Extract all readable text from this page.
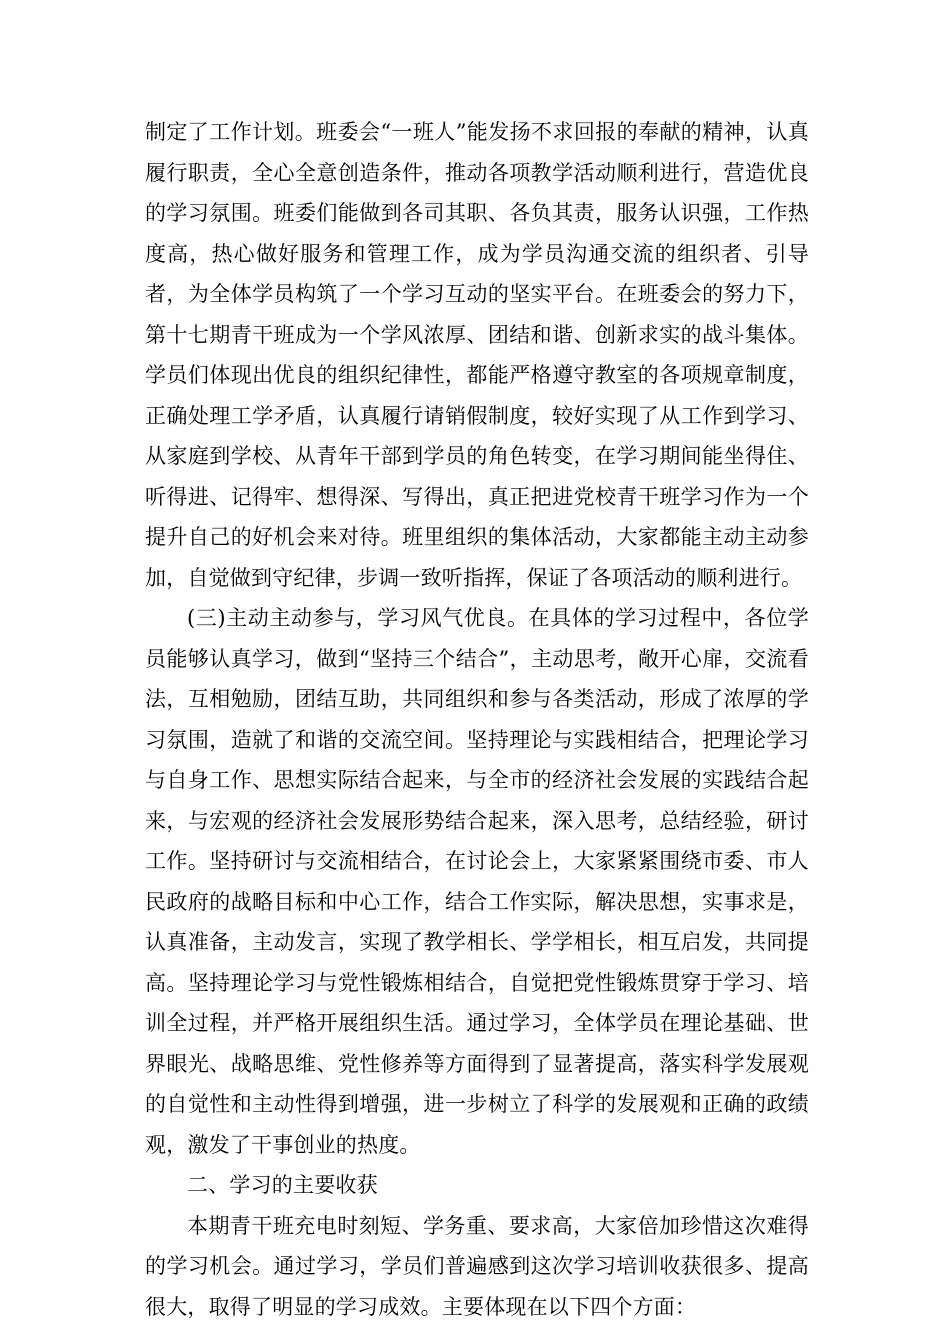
制定了工作计划。班委会“一班人”能发扬不求回报的奉献的精神，认真履行职责，全心全意创造条件，推动各项教学活动顺利进行，营造优良的学习氛围。班委们能做到各司其职、各负其责，服务认识强，工作热度高，热心做好服务和管理工作，成为学员沟通交流的组织者、引导者，为全体学员构筑了一个学习互动的坚实平台。在班委会的努力下，第十七期青干班成为一个学风浓厚、团结和谐、创新求实的战斗集体。学员们体现出优良的组织纪律性，都能严格遵守教室的各项规章制度，正确处理工学矛盾，认真履行请销假制度，较好实现了从工作到学习、从家庭到学校、从青年干部到学员的角色转变，在学习期间能坐得住、听得进、记得牢、想得深、写得出，真正把进党校青干班学习作为一个提升自己的好机会来对待。班里组织的集体活动，大家都能主动主动参加，自觉做到守纪律，步调一致听指挥，保证了各项活动的顺利进行。

(三)主动主动参与，学习风气优良。在具体的学习过程中，各位学员能够认真学习，做到“坚持三个结合”，主动思考，敞开心扉，交流看法，互相勉励，团结互助，共同组织和参与各类活动，形成了浓厚的学习氛围，造就了和谐的交流空间。坚持理论与实践相结合，把理论学习与自身工作、思想实际结合起来，与全市的经济社会发展的实践结合起来，与宏观的经济社会发展形势结合起来，深入思考，总结经验，研讨工作。坚持研讨与交流相结合，在讨论会上，大家紧紧围绕市委、市人民政府的战略目标和中心工作，结合工作实际，解决思想，实事求是，认真准备，主动发言，实现了教学相长、学学相长，相互启发，共同提高。坚持理论学习与党性锻炼相结合，自觉把党性锻炼贯穿于学习、培训全过程，并严格开展组织生活。通过学习，全体学员在理论基础、世界眼光、战略思维、党性修养等方面得到了显著提高，落实科学发展观的自觉性和主动性得到增强，进一步树立了科学的发展观和正确的政绩观，激发了干事创业的热度。

二、学习的主要收获

本期青干班充电时刻短、学务重、要求高，大家倍加珍惜这次难得的学习机会。通过学习，学员们普遍感到这次学习培训收获很多、提高很大，取得了明显的学习成效。主要体现在以下四个方面：
